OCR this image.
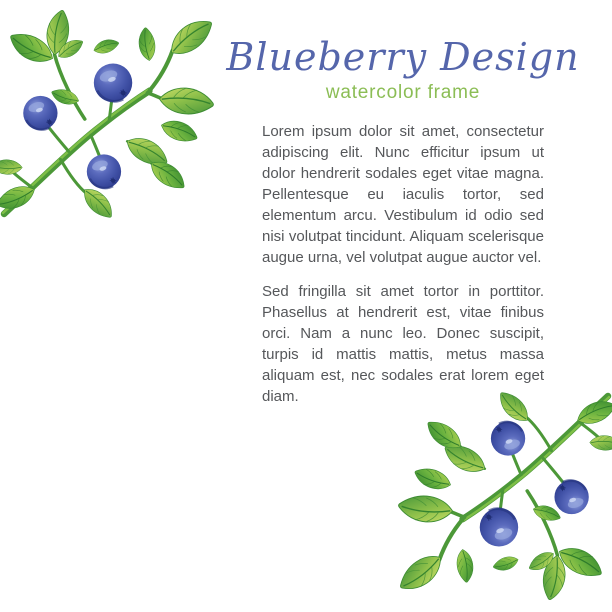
Blueberry Design
watercolor frame

Lorem ipsum dolor sit amet, consectetur adipiscing elit. Nunc efficitur ipsum ut dolor hendrerit sodales eget vitae magna. Pellentesque eu iaculis tortor, sed elementum arcu. Vestibulum id odio sed nisi volutpat tincidunt. Aliquam scelerisque augue urna, vel volutpat augue auctor vel.

Sed fringilla sit amet tortor in porttitor. Phasellus at hendrerit est, vitae finibus orci. Nam a nunc leo. Donec suscipit, turpis id mattis mattis, metus massa aliquam est, nec sodales erat lorem eget diam.
